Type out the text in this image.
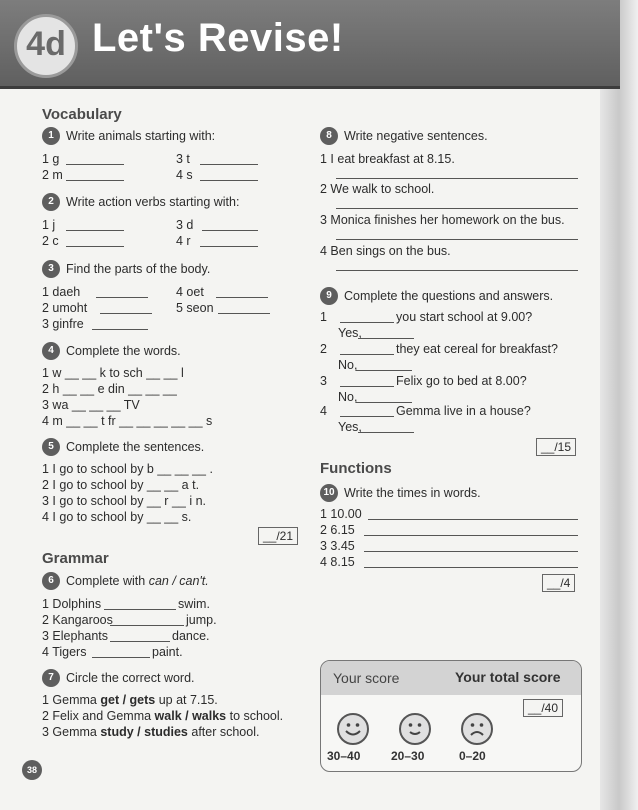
4d Let's Revise!
Vocabulary
1 Write animals starting with:
1 g	3 t
2 m	4 s
2 Write action verbs starting with:
1 j	3 d
2 c	4 r
3 Find the parts of the body.
1 daeh	4 oet
2 umoht	5 seon
3 ginfre
4 Complete the words.
1 w __ __ k to sch __ __ l
2 h __ __ e din __ __ __
3 wa __ __ __ TV
4 m __ __ t fr __ __ __ __ __ s
5 Complete the sentences.
1 I go to school by b __ __ __ .
2 I go to school by __ __ a t.
3 I go to school by __ r __ i n.
4 I go to school by __ __ s.
__/21
Grammar
6 Complete with can / can't.
1 Dolphins	swim.
2 Kangaroos	jump.
3 Elephants	dance.
4 Tigers	paint.
7 Circle the correct word.
1 Gemma get / gets up at 7.15.
2 Felix and Gemma walk / walks to school.
3 Gemma study / studies after school.
38
8 Write negative sentences.
1 I eat breakfast at 8.15.
2 We walk to school.
3 Monica finishes her homework on the bus.
4 Ben sings on the bus.
9 Complete the questions and answers.
1	you start school at 9.00?
Yes,
2	they eat cereal for breakfast?
No,
3	Felix go to bed at 8.00?
No,
4	Gemma live in a house?
Yes,
__/15
Functions
10 Write the times in words.
1 10.00
2 6.15
3 3.45
4 8.15
__/4
Your score	Your total score
__/40
30–40	20–30	0–20
